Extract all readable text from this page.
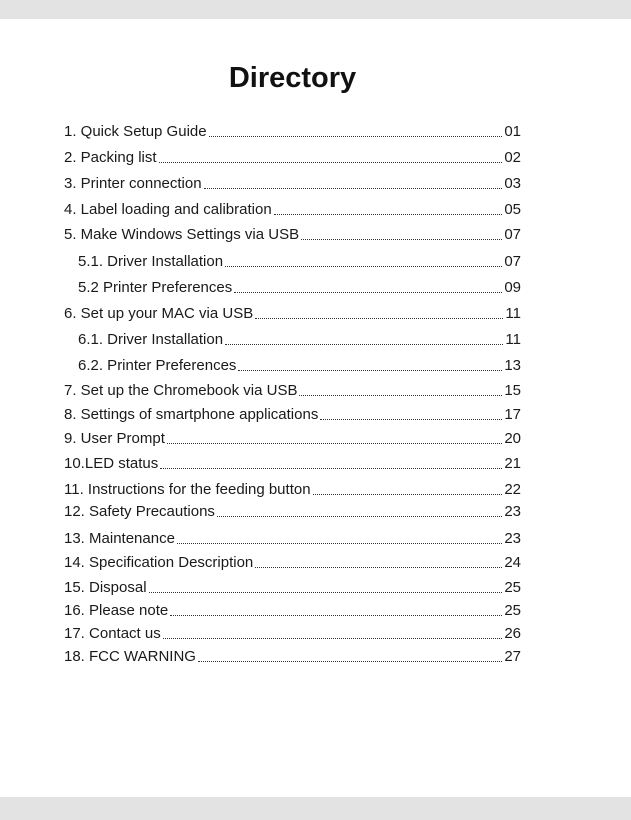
Directory
1. Quick Setup Guide	01
2. Packing list	02
3. Printer connection	03
4. Label loading and calibration	05
5. Make Windows Settings via USB	07
5.1. Driver Installation	07
5.2 Printer Preferences	09
6. Set up your MAC via USB	11
6.1. Driver Installation	11
6.2. Printer Preferences	13
7. Set up the Chromebook via USB	15
8. Settings of smartphone applications	17
9. User Prompt	20
10.LED status	21
11. Instructions for the feeding button	22
12. Safety Precautions	23
13. Maintenance	23
14. Specification Description	24
15. Disposal	25
16. Please note	25
17. Contact us	26
18. FCC WARNING	27
